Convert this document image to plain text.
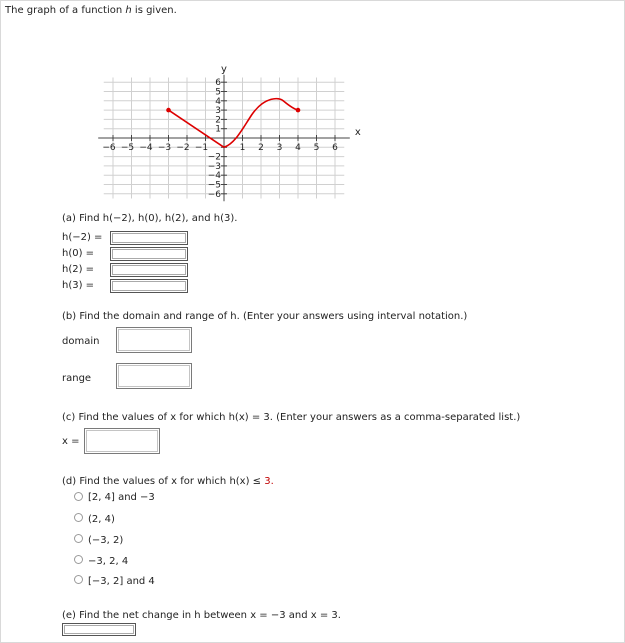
The graph of a function h is given.
−6 −5 −4 −3 −2 −1	1 2 3 4 5 6
6
5
4
3
2
1
−2
−3
−4
−5
−6
y
x
(a) Find h(−2), h(0), h(2), and h(3).
h(−2) =
h(0) =
h(2) =
h(3) =
(b) Find the domain and range of h. (Enter your answers using interval notation.)
domain
range
(c) Find the values of x for which h(x) = 3. (Enter your answers as a comma-separated list.)
x =
(d) Find the values of x for which h(x) ≤ 3.
[2, 4] and −3
(2, 4)
(−3, 2)
−3, 2, 4
[−3, 2] and 4
(e) Find the net change in h between x = −3 and x = 3.
